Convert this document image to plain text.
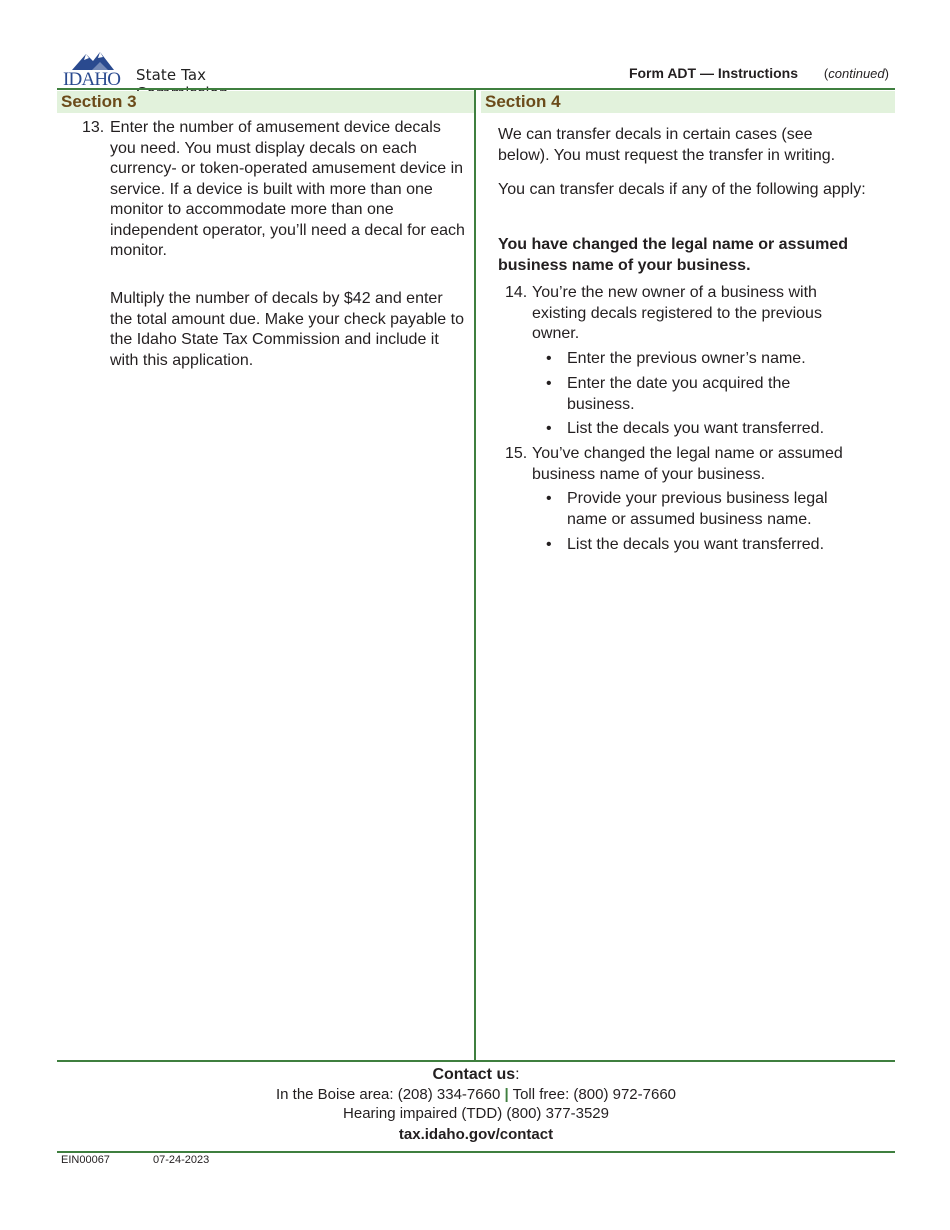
IDAHO State Tax	Form ADT — Instructions (continued)
Section 3	Section 4
13. Enter the number of amusement device decals you need. You must display decals on each currency- or token-operated amusement device in service. If a device is built with more than one monitor to accommodate more than one independent operator, you’ll need a decal for each monitor.

Multiply the number of decals by $42 and enter the total amount due. Make your check payable to the Idaho State Tax Commission and include it with this application.

We can transfer decals in certain cases (see below). You must request the transfer in writing.

You can transfer decals if any of the following apply:

You have changed the legal name or assumed business name of your business.

14. You’re the new owner of a business with existing decals registered to the previous owner.

• Enter the previous owner’s name.
• Enter the date you acquired the business.
• List the decals you want transferred.
15. You’ve changed the legal name or assumed business name of your business.

• Provide your previous business legal name or assumed business name.
• List the decals you want transferred.
Contact us:
In the Boise area: (208) 334-7660 | Toll free: (800) 972-7660
Hearing impaired (TDD) (800) 377-3529
tax.idaho.gov/contact
EIN00067	07-24-2023
